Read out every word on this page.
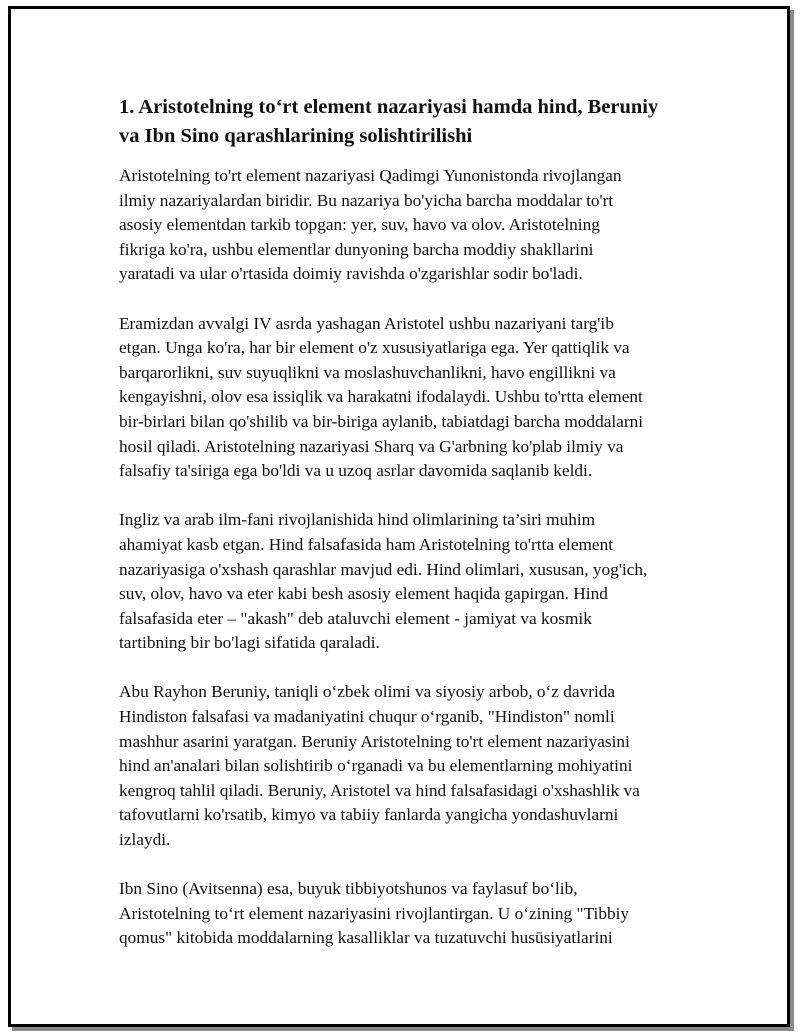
1. Aristotelning to‘rt element nazariyasi hamda hind, Beruniy
va Ibn Sino qarashlarining solishtirilishi

Aristotelning to'rt element nazariyasi Qadimgi Yunonistonda rivojlangan
ilmiy nazariyalardan biridir. Bu nazariya bo'yicha barcha moddalar to'rt
asosiy elementdan tarkib topgan: yer, suv, havo va olov. Aristotelning
fikriga ko'ra, ushbu elementlar dunyoning barcha moddiy shakllarini
yaratadi va ular o'rtasida doimiy ravishda o'zgarishlar sodir bo'ladi.

Eramizdan avvalgi IV asrda yashagan Aristotel ushbu nazariyani targ'ib
etgan. Unga ko'ra, har bir element o'z xususiyatlariga ega. Yer qattiqlik va
barqarorlikni, suv suyuqlikni va moslashuvchanlikni, havo engillikni va
kengayishni, olov esa issiqlik va harakatni ifodalaydi. Ushbu to'rtta element
bir-birlari bilan qo'shilib va bir-biriga aylanib, tabiatdagi barcha moddalarni
hosil qiladi. Aristotelning nazariyasi Sharq va G'arbning ko'plab ilmiy va
falsafiy ta'siriga ega bo'ldi va u uzoq asrlar davomida saqlanib keldi.

Ingliz va arab ilm-fani rivojlanishida hind olimlarining ta’siri muhim
ahamiyat kasb etgan. Hind falsafasida ham Aristotelning to'rtta element
nazariyasiga o'xshash qarashlar mavjud edi. Hind olimlari, xususan, yog'ich,
suv, olov, havo va eter kabi besh asosiy element haqida gapirgan. Hind
falsafasida eter – "akash" deb ataluvchi element - jamiyat va kosmik
tartibning bir bo'lagi sifatida qaraladi.

Abu Rayhon Beruniy, taniqli o‘zbek olimi va siyosiy arbob, o‘z davrida
Hindiston falsafasi va madaniyatini chuqur o‘rganib, "Hindiston" nomli
mashhur asarini yaratgan. Beruniy Aristotelning to'rt element nazariyasini
hind an'analari bilan solishtirib o‘rganadi va bu elementlarning mohiyatini
kengroq tahlil qiladi. Beruniy, Aristotel va hind falsafasidagi o'xshashlik va
tafovutlarni ko'rsatib, kimyo va tabiiy fanlarda yangicha yondashuvlarni
izlaydi.

Ibn Sino (Avitsenna) esa, buyuk tibbiyotshunos va faylasuf bo‘lib,
Aristotelning to‘rt element nazariyasini rivojlantirgan. U o‘zining "Tibbiy
qomus" kitobida moddalarning kasalliklar va tuzatuvchi husūsiyatlarini
